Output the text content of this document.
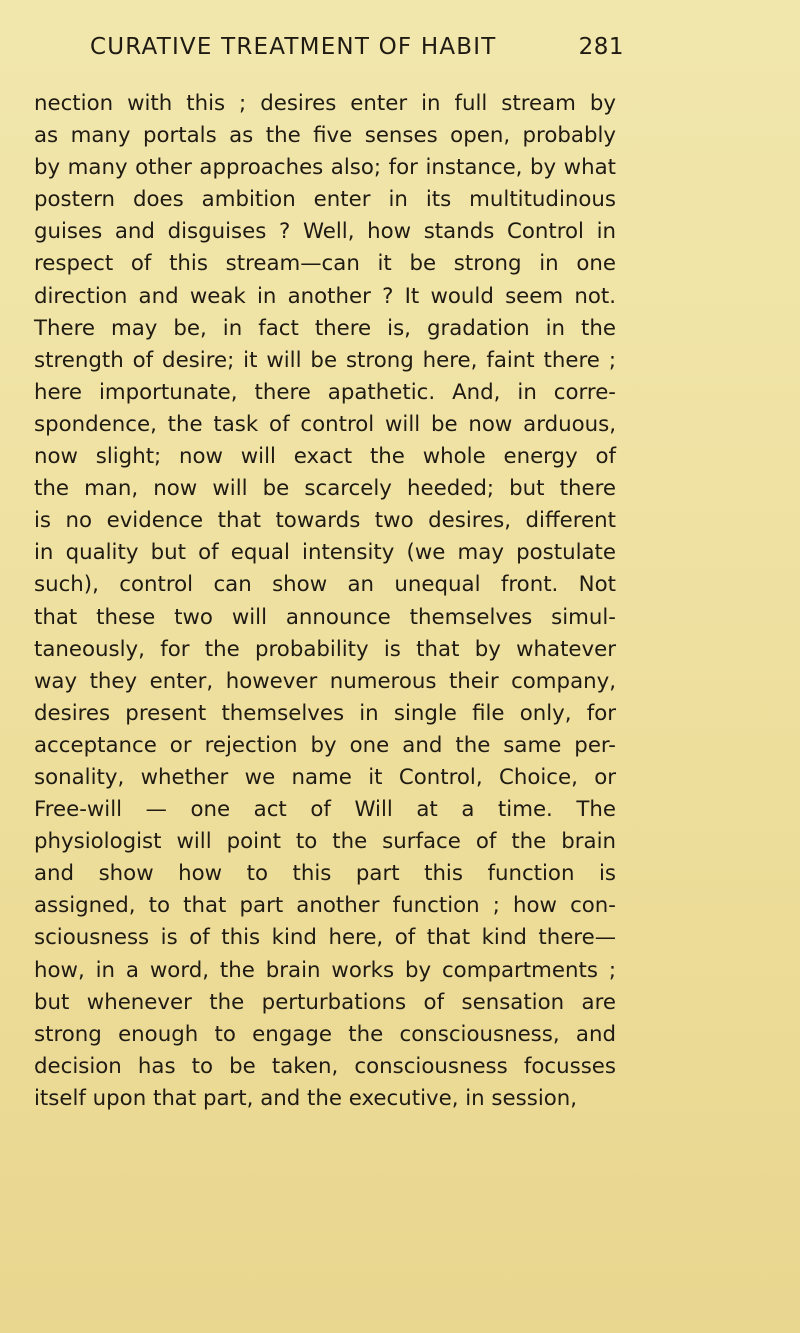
CURATIVE TREATMENT OF HABIT	281
nection with this ; desires enter in full stream by
as many portals as the five senses open, probably
by many other approaches also; for instance, by what
postern does ambition enter in its multitudinous
guises and disguises ? Well, how stands Control in
respect of this stream—can it be strong in one
direction and weak in another ? It would seem not.
There may be, in fact there is, gradation in the
strength of desire; it will be strong here, faint there ;
here importunate, there apathetic. And, in corre-
spondence, the task of control will be now arduous,
now slight; now will exact the whole energy of
the man, now will be scarcely heeded; but there
is no evidence that towards two desires, different
in quality but of equal intensity (we may postulate
such), control can show an unequal front. Not
that these two will announce themselves simul-
taneously, for the probability is that by whatever
way they enter, however numerous their company,
desires present themselves in single file only, for
acceptance or rejection by one and the same per-
sonality, whether we name it Control, Choice, or
Free-will — one act of Will at a time. The
physiologist will point to the surface of the brain
and show how to this part this function is
assigned, to that part another function ; how con-
sciousness is of this kind here, of that kind there—
how, in a word, the brain works by compartments ;
but whenever the perturbations of sensation are
strong enough to engage the consciousness, and
decision has to be taken, consciousness focusses
itself upon that part, and the executive, in session,
